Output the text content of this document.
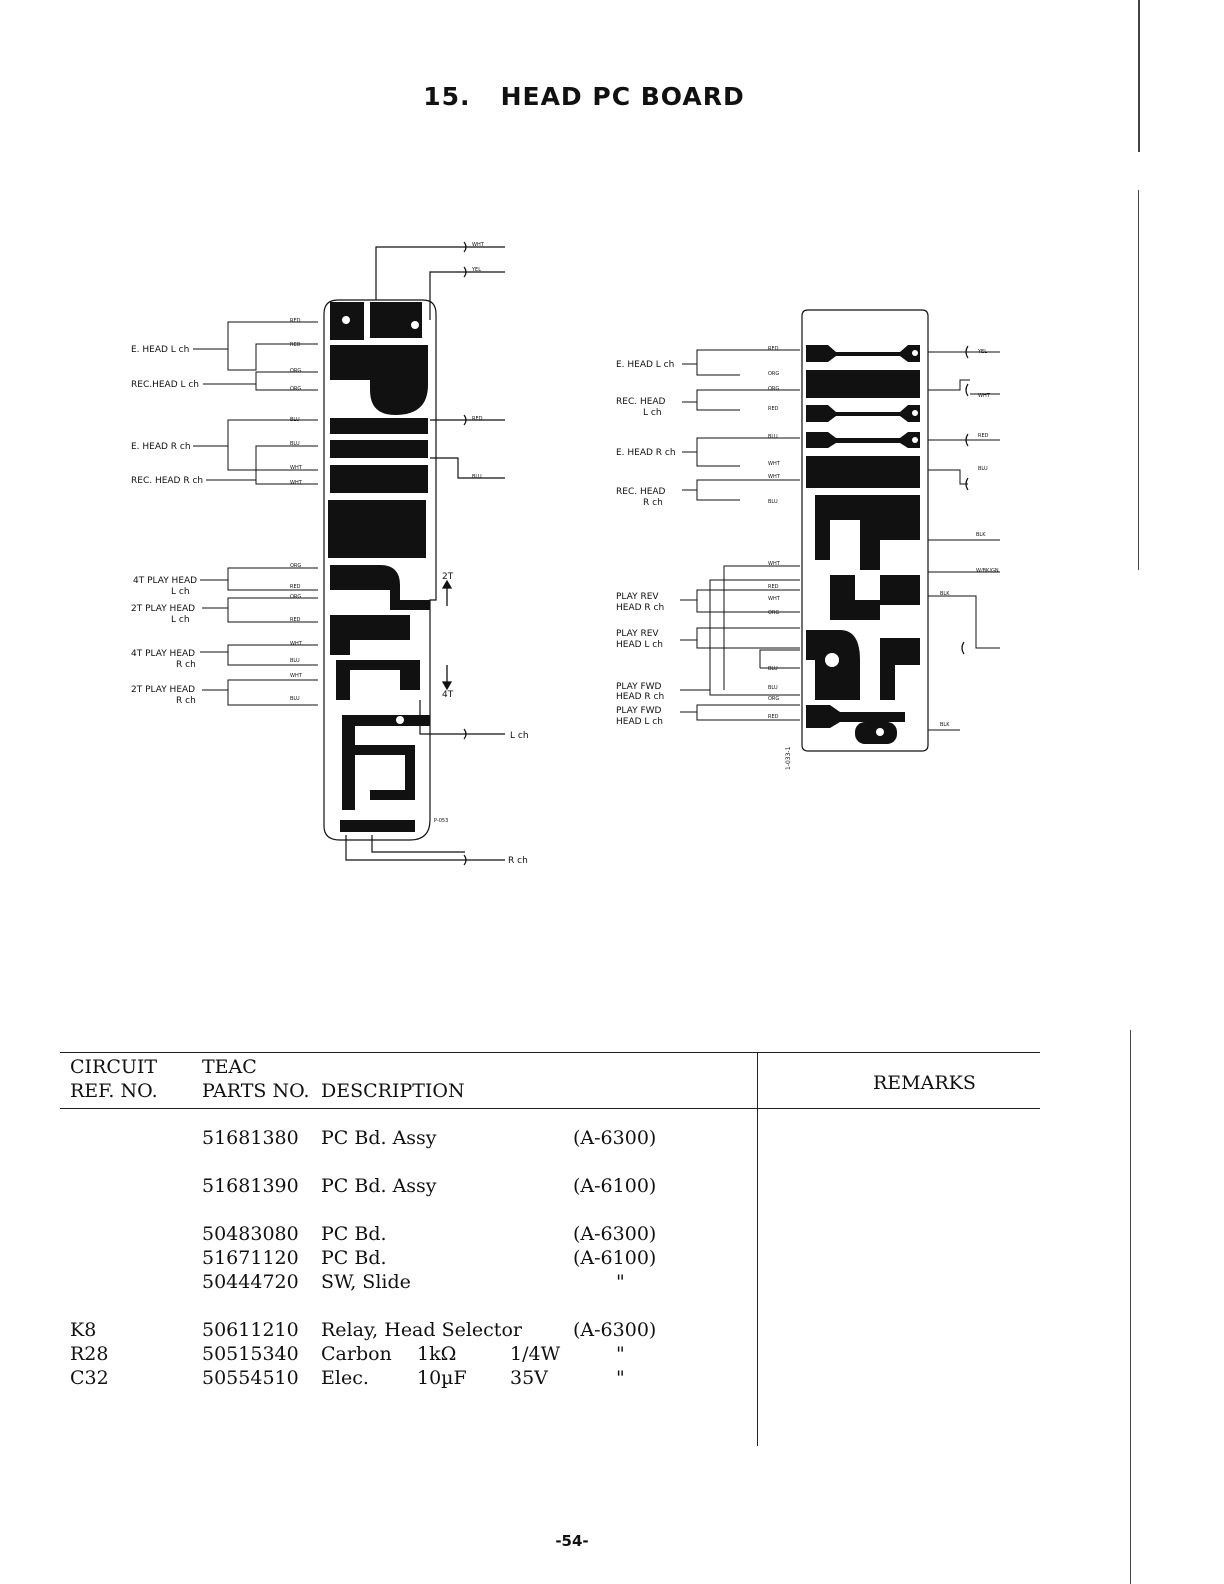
15. HEAD PC BOARD
E. HEAD L ch
REC.HEAD L ch
E. HEAD R ch
REC. HEAD R ch
4T PLAY HEAD
L ch
2T PLAY HEAD
L ch
4T PLAY HEAD
R ch
2T PLAY HEAD
R ch
RED
RED
ORG
ORG
BLU
BLU
WHT
WHT
ORG
RED
ORG
RED
WHT
BLU
WHT
BLU
WHT
YEL
RED
BLU
2T
4T
L ch
R ch
P-053
E. HEAD L ch
REC. HEAD
L ch
E. HEAD R ch
REC. HEAD
R ch
PLAY REV
HEAD R ch
PLAY REV
HEAD L ch
PLAY FWD
HEAD R ch
PLAY FWD
HEAD L ch
RED
ORG
ORG
RED
BLU
WHT
WHT
BLU
WHT
RED
WHT
ORG
BLU
BLU
ORG
RED
YEL
WHT
RED
BLU
BLK
W/BK/GN
BLK
BLK
1-033-1
CIRCUIT
REF. NO.
TEAC
PARTS NO. DESCRIPTION	REMARKS
51681380 PC Bd. Assy	(A-6300)
51681390 PC Bd. Assy	(A-6100)
50483080 PC Bd.	(A-6300)
51671120 PC Bd.	(A-6100)
50444720 SW, Slide	"
K8	50611210 Relay, Head Selector	(A-6300)
R28	50515340 Carbon 1kΩ	1/4W	"
C32	50554510 Elec.	10µF 35V	"
-54-
